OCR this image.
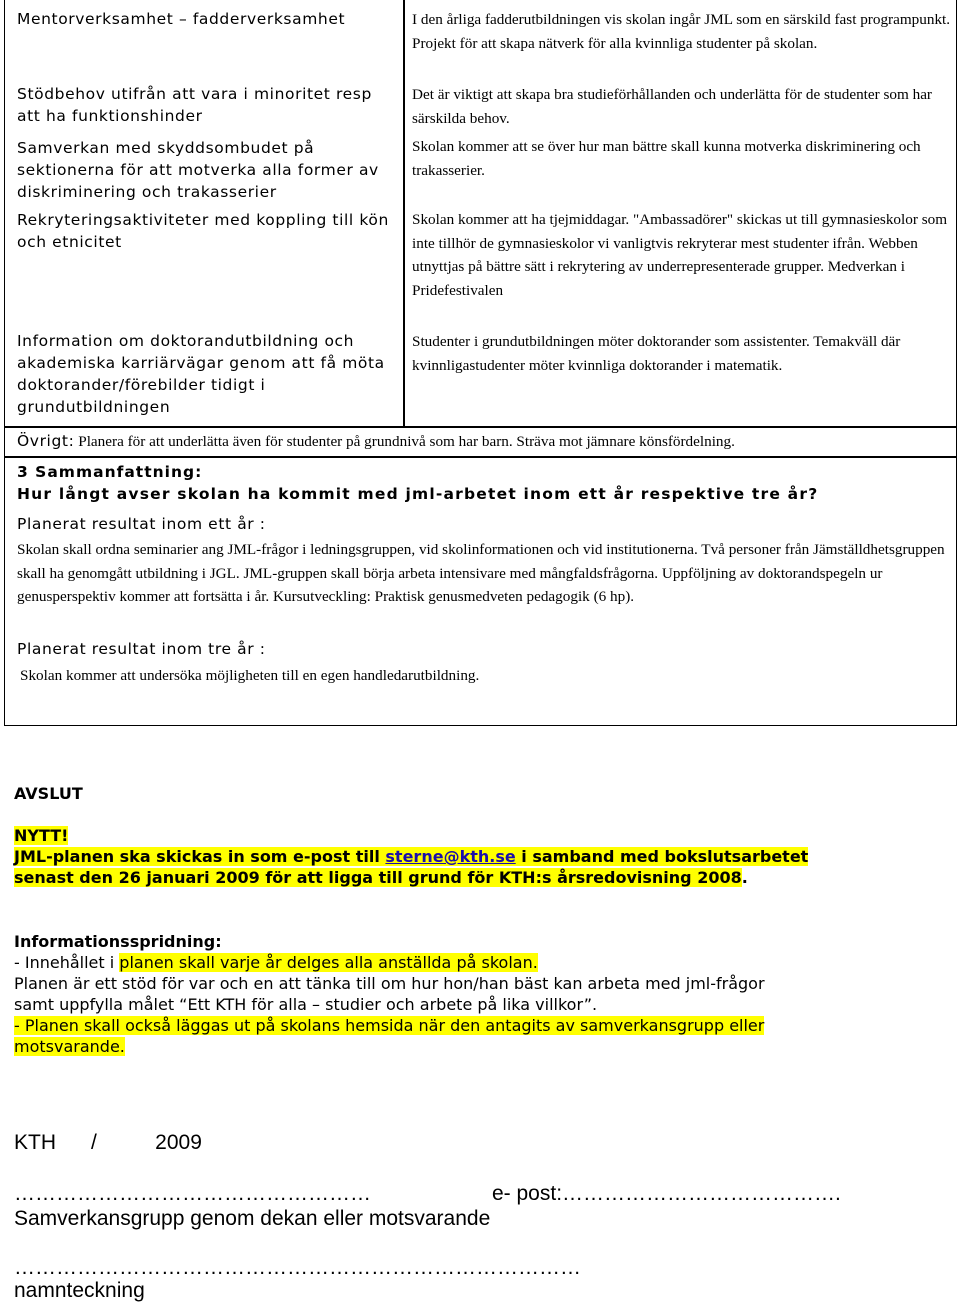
Mentorverksamhet – fadderverksamhet	I den årliga fadderutbildningen vis skolan ingår JML som en särskild fast programpunkt. Projekt för att skapa nätverk för alla kvinnliga studenter på skolan.
Stödbehov utifrån att vara i minoritet resp att ha funktionshinder
Det är viktigt att skapa bra studieförhållanden och underlätta för de studenter som har särskilda behov.
Samverkan med skyddsombudet på sektionerna för att motverka alla former av diskriminering och trakasserier
Skolan kommer att se över hur man bättre skall kunna motverka diskriminering och trakasserier.
Rekryteringsaktiviteter med koppling till kön och etnicitet
Skolan kommer att ha tjejmiddagar. "Ambassadörer" skickas ut till gymnasieskolor som inte tillhör de gymnasieskolor vi vanligtvis rekryterar mest studenter ifrån. Webben utnyttjas på bättre sätt i rekrytering av underrepresenterade grupper. Medverkan i Pridefestivalen
Information om doktorandutbildning och akademiska karriärvägar genom att få möta doktorander/förebilder tidigt i grundutbildningen
Studenter i grundutbildningen möter doktorander som assistenter. Temakväll där kvinnligastudenter möter kvinnliga doktorander i matematik.
Övrigt: Planera för att underlätta även för studenter på grundnivå som har barn. Sträva mot jämnare könsfördelning.
3 Sammanfattning:
Hur långt avser skolan ha kommit med jml-arbetet inom ett år respektive tre år?
Planerat resultat inom ett år :
Skolan skall ordna seminarier ang JML-frågor i ledningsgruppen, vid skolinformationen och vid institutionerna. Två personer från Jämställdhetsgruppen skall ha genomgått utbildning i JGL. JML-gruppen skall börja arbeta intensivare med mångfaldsfrågorna. Uppföljning av doktorandspegeln ur genusperspektiv kommer att fortsätta i år. Kursutveckling: Praktisk genusmedveten pedagogik (6 hp).
Planerat resultat inom tre år :
Skolan kommer att undersöka möjligheten till en egen handledarutbildning.
AVSLUT
NYTT!
JML-planen ska skickas in som e-post till sterne@kth.se i samband med bokslutsarbetet
senast den 26 januari 2009 för att ligga till grund för KTH:s årsredovisning 2008.
Informationsspridning:
- Innehållet i planen skall varje år delges alla anställda på skolan.
Planen är ett stöd för var och en att tänka till om hur hon/han bäst kan arbeta med jml-frågor
samt uppfylla målet “Ett KTH för alla – studier och arbete på lika villkor”.
- Planen skall också läggas ut på skolans hemsida när den antagits av samverkansgrupp eller
motsvarande.
KTH      /          2009
……………………………………………	e- post:………………………………….
Samverkansgrupp genom dekan eller motsvarande
………………………………………………………………………
namnteckning
